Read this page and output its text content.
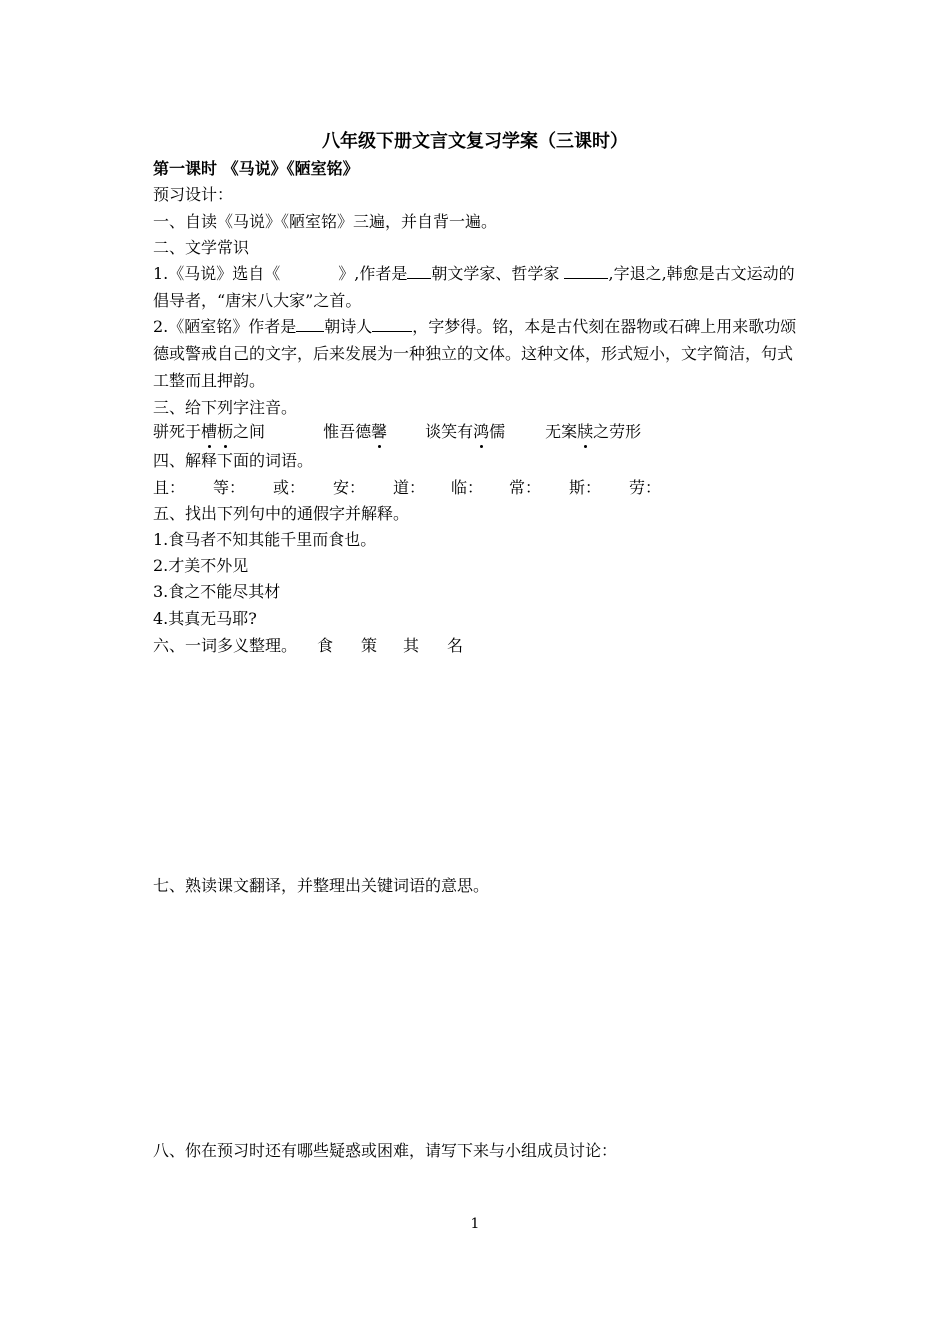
八年级下册文言文复习学案（三课时）
第一课时 《马说》《陋室铭》
预习设计：
一、自读《马说》《陋室铭》三遍，并自背一遍。
二、文学常识
1.《马说》选自《	》,作者是 朝文学家、哲学家	,字退之,韩愈是古文运动的倡导者，“唐宋八大家”之首。
2.《陋室铭》作者是 朝诗人	，字梦得。铭，本是古代刻在器物或石碑上用来歌功颂德或警戒自己的文字，后来发展为一种独立的文体。这种文体，形式短小，文字简洁，句式工整而且押韵。
三、给下列字注音。
骈死于槽枥之间	惟吾德馨 谈笑有鸿儒	无案牍之劳形
四、解释下面的词语。
且： 等： 或： 安： 道： 临： 常： 斯： 劳：
五、找出下列句中的通假字并解释。
1.食马者不知其能千里而食也。
2.才美不外见
3.食之不能尽其材
4.其真无马耶?
六、一词多义整理。 食 策 其 名
七、熟读课文翻译，并整理出关键词语的意思。
八、你在预习时还有哪些疑惑或困难，请写下来与小组成员讨论：
1
